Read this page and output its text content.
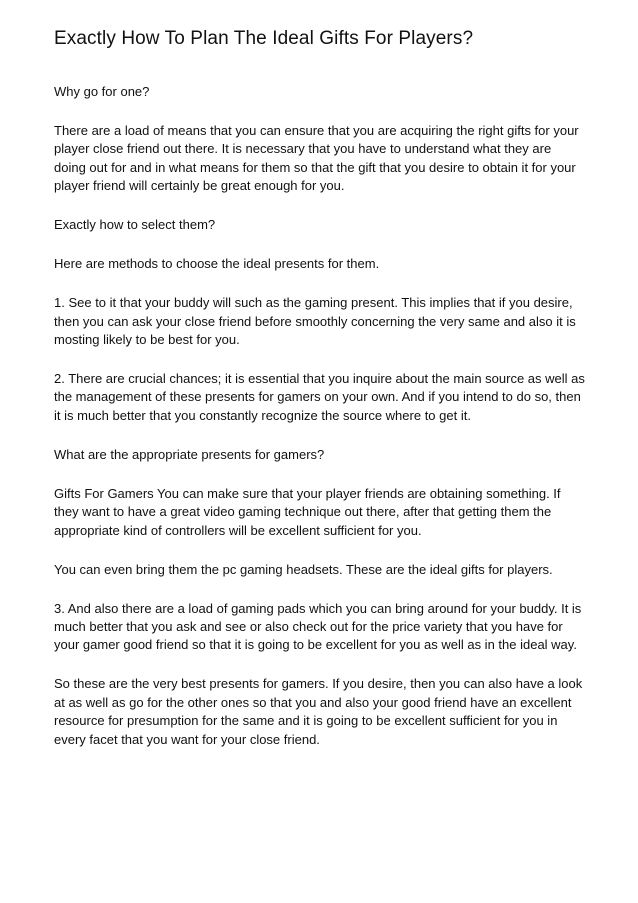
Exactly How To Plan The Ideal Gifts For Players?

Why go for one?

There are a load of means that you can ensure that you are acquiring the right gifts for your player close friend out there. It is necessary that you have to understand what they are doing out for and in what means for them so that the gift that you desire to obtain it for your player friend will certainly be great enough for you.

Exactly how to select them?

Here are methods to choose the ideal presents for them.

1. See to it that your buddy will such as the gaming present. This implies that if you desire, then you can ask your close friend before smoothly concerning the very same and also it is mosting likely to be best for you.

2. There are crucial chances; it is essential that you inquire about the main source as well as the management of these presents for gamers on your own. And if you intend to do so, then it is much better that you constantly recognize the source where to get it.

What are the appropriate presents for gamers?

Gifts For Gamers You can make sure that your player friends are obtaining something. If they want to have a great video gaming technique out there, after that getting them the appropriate kind of controllers will be excellent sufficient for you.

You can even bring them the pc gaming headsets. These are the ideal gifts for players.

3. And also there are a load of gaming pads which you can bring around for your buddy. It is much better that you ask and see or also check out for the price variety that you have for your gamer good friend so that it is going to be excellent for you as well as in the ideal way.

So these are the very best presents for gamers. If you desire, then you can also have a look at as well as go for the other ones so that you and also your good friend have an excellent resource for presumption for the same and it is going to be excellent sufficient for you in every facet that you want for your close friend.
